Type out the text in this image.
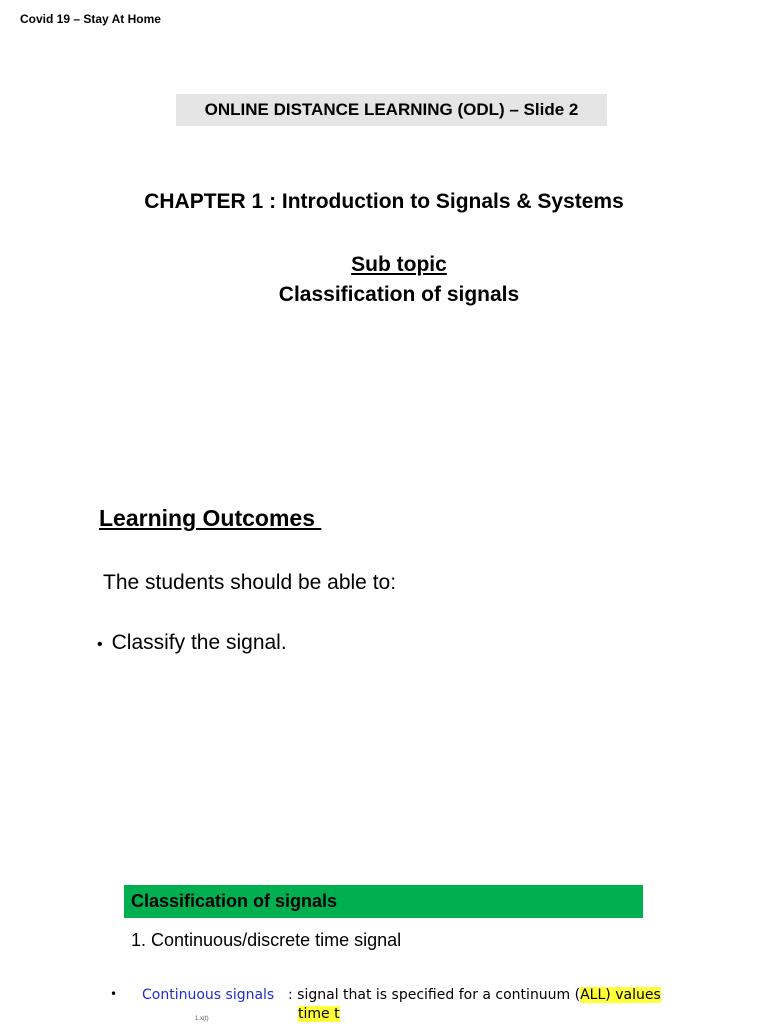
Covid 19 – Stay At Home
ONLINE DISTANCE LEARNING (ODL) – Slide 2
CHAPTER 1 : Introduction to Signals & Systems
Sub topic
Classification of signals
Learning Outcomes
The students should be able to:
• Classify the signal.
Classification of signals
1. Continuous/discrete time signal
• Continuous signals : signal that is specified for a continuum (ALL) values
time t
1.x(t)
